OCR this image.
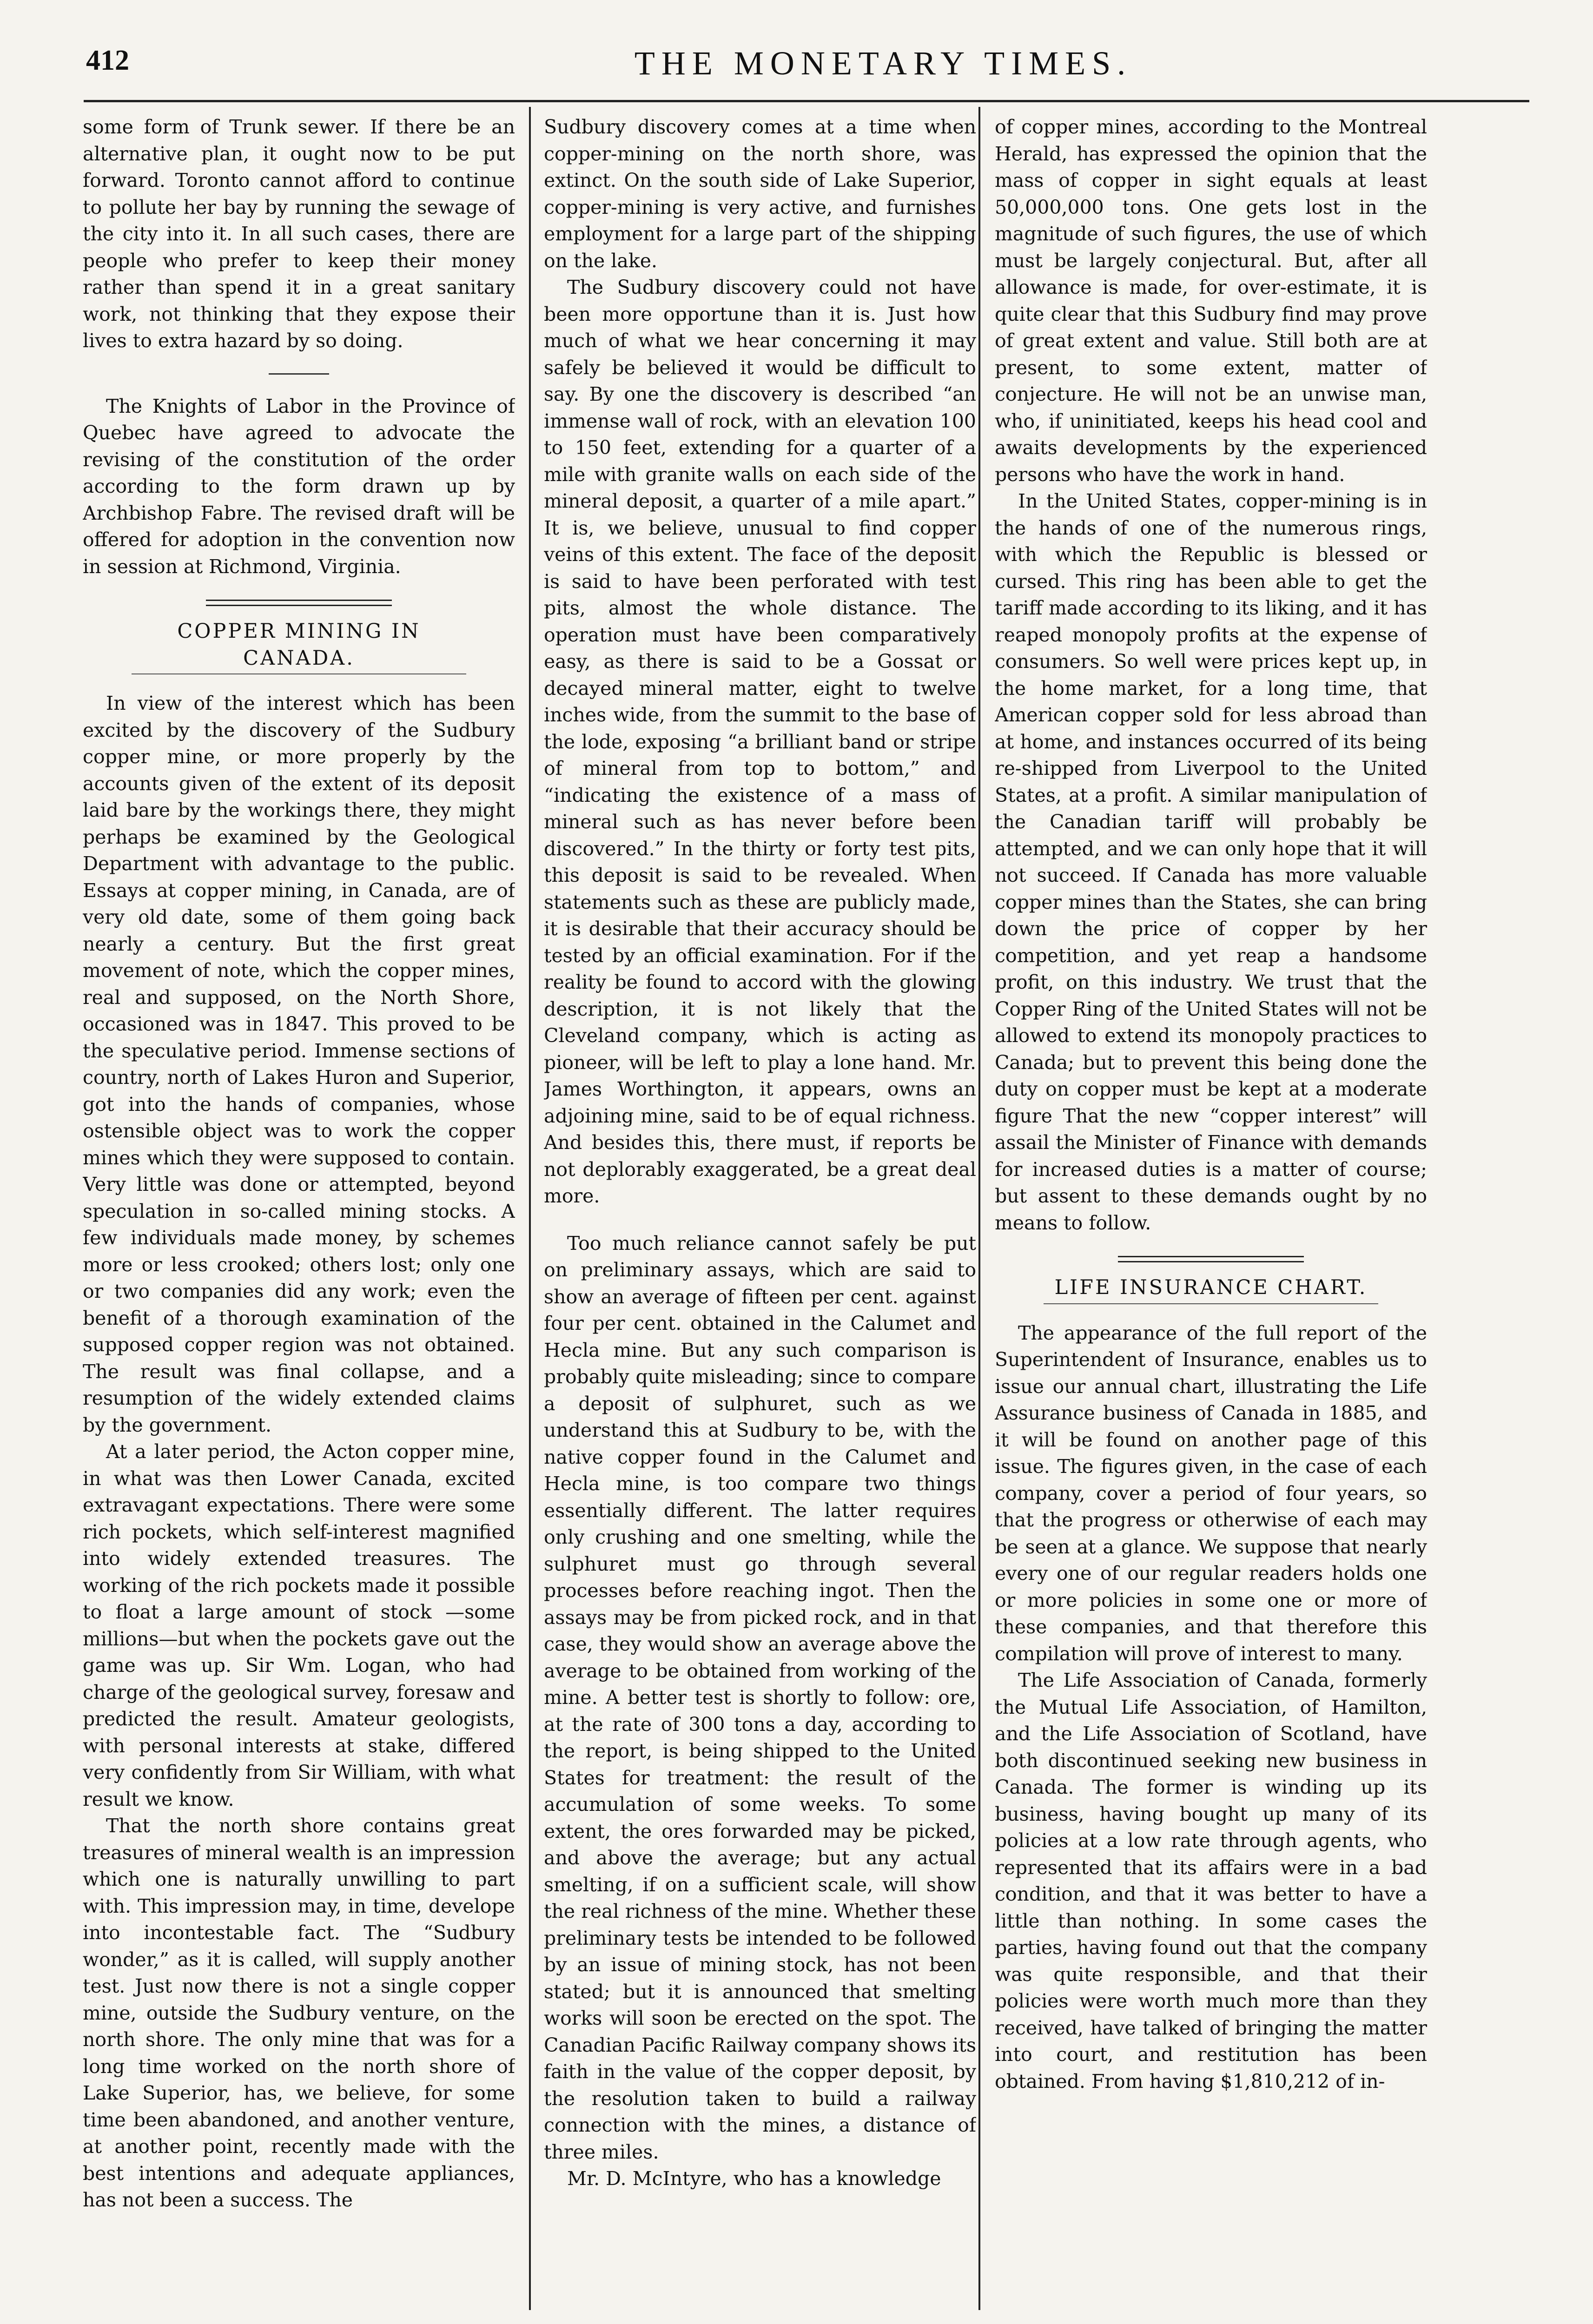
412	THE MONETARY TIMES.

some form of Trunk sewer. If there be an alternative plan, it ought now to be put forward. Toronto cannot afford to continue to pollute her bay by running the sewage of the city into it. In all such cases, there are people who prefer to keep their money rather than spend it in a great sanitary work, not thinking that they expose their lives to extra hazard by so doing.

The Knights of Labor in the Province of Quebec have agreed to advocate the revising of the constitution of the order according to the form drawn up by Archbishop Fabre. The revised draft will be offered for adoption in the convention now in session at Richmond, Virginia.

COPPER MINING IN CANADA.

In view of the interest which has been excited by the discovery of the Sudbury copper mine, or more properly by the accounts given of the extent of its deposit laid bare by the workings there, they might perhaps be examined by the Geological Department with advantage to the public. Essays at copper mining, in Canada, are of very old date, some of them going back nearly a century. But the first great movement of note, which the copper mines, real and supposed, on the North Shore, occasioned was in 1847. This proved to be the speculative period. Immense sections of country, north of Lakes Huron and Superior, got into the hands of companies, whose ostensible object was to work the copper mines which they were supposed to contain. Very little was done or attempted, beyond speculation in so-called mining stocks. A few individuals made money, by schemes more or less crooked; others lost; only one or two companies did any work; even the benefit of a thorough examination of the supposed copper region was not obtained. The result was final collapse, and a resumption of the widely extended claims by the government.

At a later period, the Acton copper mine, in what was then Lower Canada, excited extravagant expectations. There were some rich pockets, which self-interest magnified into widely extended treasures. The working of the rich pockets made it possible to float a large amount of stock —some millions—but when the pockets gave out the game was up. Sir Wm. Logan, who had charge of the geological survey, foresaw and predicted the result. Amateur geologists, with personal interests at stake, differed very confidently from Sir William, with what result we know.

That the north shore contains great treasures of mineral wealth is an impression which one is naturally unwilling to part with. This impression may, in time, develope into incontestable fact. The “Sudbury wonder,” as it is called, will supply another test. Just now there is not a single copper mine, outside the Sudbury venture, on the north shore. The only mine that was for a long time worked on the north shore of Lake Superior, has, we believe, for some time been abandoned, and another venture, at another point, recently made with the best intentions and adequate appliances, has not been a success. The

Sudbury discovery comes at a time when copper-mining on the north shore, was extinct. On the south side of Lake Superior, copper-mining is very active, and furnishes employment for a large part of the shipping on the lake.

The Sudbury discovery could not have been more opportune than it is. Just how much of what we hear concerning it may safely be believed it would be difficult to say. By one the discovery is described “an immense wall of rock, with an elevation 100 to 150 feet, extending for a quarter of a mile with granite walls on each side of the mineral deposit, a quarter of a mile apart.” It is, we believe, unusual to find copper veins of this extent. The face of the deposit is said to have been perforated with test pits, almost the whole distance. The operation must have been comparatively easy, as there is said to be a Gossat or decayed mineral matter, eight to twelve inches wide, from the summit to the base of the lode, exposing “a brilliant band or stripe of mineral from top to bottom,” and “indicating the existence of a mass of mineral such as has never before been discovered.” In the thirty or forty test pits, this deposit is said to be revealed. When statements such as these are publicly made, it is desirable that their accuracy should be tested by an official examination. For if the reality be found to accord with the glowing description, it is not likely that the Cleveland company, which is acting as pioneer, will be left to play a lone hand. Mr. James Worthington, it appears, owns an adjoining mine, said to be of equal richness. And besides this, there must, if reports be not deplorably exaggerated, be a great deal more.

Too much reliance cannot safely be put on preliminary assays, which are said to show an average of fifteen per cent. against four per cent. obtained in the Calumet and Hecla mine. But any such comparison is probably quite misleading; since to compare a deposit of sulphuret, such as we understand this at Sudbury to be, with the native copper found in the Calumet and Hecla mine, is too compare two things essentially different. The latter requires only crushing and one smelting, while the sulphuret must go through several processes before reaching ingot. Then the assays may be from picked rock, and in that case, they would show an average above the average to be obtained from working of the mine. A better test is shortly to follow: ore, at the rate of 300 tons a day, according to the report, is being shipped to the United States for treatment: the result of the accumulation of some weeks. To some extent, the ores forwarded may be picked, and above the average; but any actual smelting, if on a sufficient scale, will show the real richness of the mine. Whether these preliminary tests be intended to be followed by an issue of mining stock, has not been stated; but it is announced that smelting works will soon be erected on the spot. The Canadian Pacific Railway company shows its faith in the value of the copper deposit, by the resolution taken to build a railway connection with the mines, a distance of three miles.

Mr. D. McIntyre, who has a knowledge

of copper mines, according to the Montreal Herald, has expressed the opinion that the mass of copper in sight equals at least 50,000,000 tons. One gets lost in the magnitude of such figures, the use of which must be largely conjectural. But, after all allowance is made, for over-estimate, it is quite clear that this Sudbury find may prove of great extent and value. Still both are at present, to some extent, matter of conjecture. He will not be an unwise man, who, if uninitiated, keeps his head cool and awaits developments by the experienced persons who have the work in hand.

In the United States, copper-mining is in the hands of one of the numerous rings, with which the Republic is blessed or cursed. This ring has been able to get the tariff made according to its liking, and it has reaped monopoly profits at the expense of consumers. So well were prices kept up, in the home market, for a long time, that American copper sold for less abroad than at home, and instances occurred of its being re-shipped from Liverpool to the United States, at a profit. A similar manipulation of the Canadian tariff will probably be attempted, and we can only hope that it will not succeed. If Canada has more valuable copper mines than the States, she can bring down the price of copper by her competition, and yet reap a handsome profit, on this industry. We trust that the Copper Ring of the United States will not be allowed to extend its monopoly practices to Canada; but to prevent this being done the duty on copper must be kept at a moderate figure That the new “copper interest” will assail the Minister of Finance with demands for increased duties is a matter of course; but assent to these demands ought by no means to follow.

LIFE INSURANCE CHART.

The appearance of the full report of the Superintendent of Insurance, enables us to issue our annual chart, illustrating the Life Assurance business of Canada in 1885, and it will be found on another page of this issue. The figures given, in the case of each company, cover a period of four years, so that the progress or otherwise of each may be seen at a glance. We suppose that nearly every one of our regular readers holds one or more policies in some one or more of these companies, and that therefore this compilation will prove of interest to many.

The Life Association of Canada, formerly the Mutual Life Association, of Hamilton, and the Life Association of Scotland, have both discontinued seeking new business in Canada. The former is winding up its business, having bought up many of its policies at a low rate through agents, who represented that its affairs were in a bad condition, and that it was better to have a little than nothing. In some cases the parties, having found out that the company was quite responsible, and that their policies were worth much more than they received, have talked of bringing the matter into court, and restitution has been obtained. From having $1,810,212 of in-
